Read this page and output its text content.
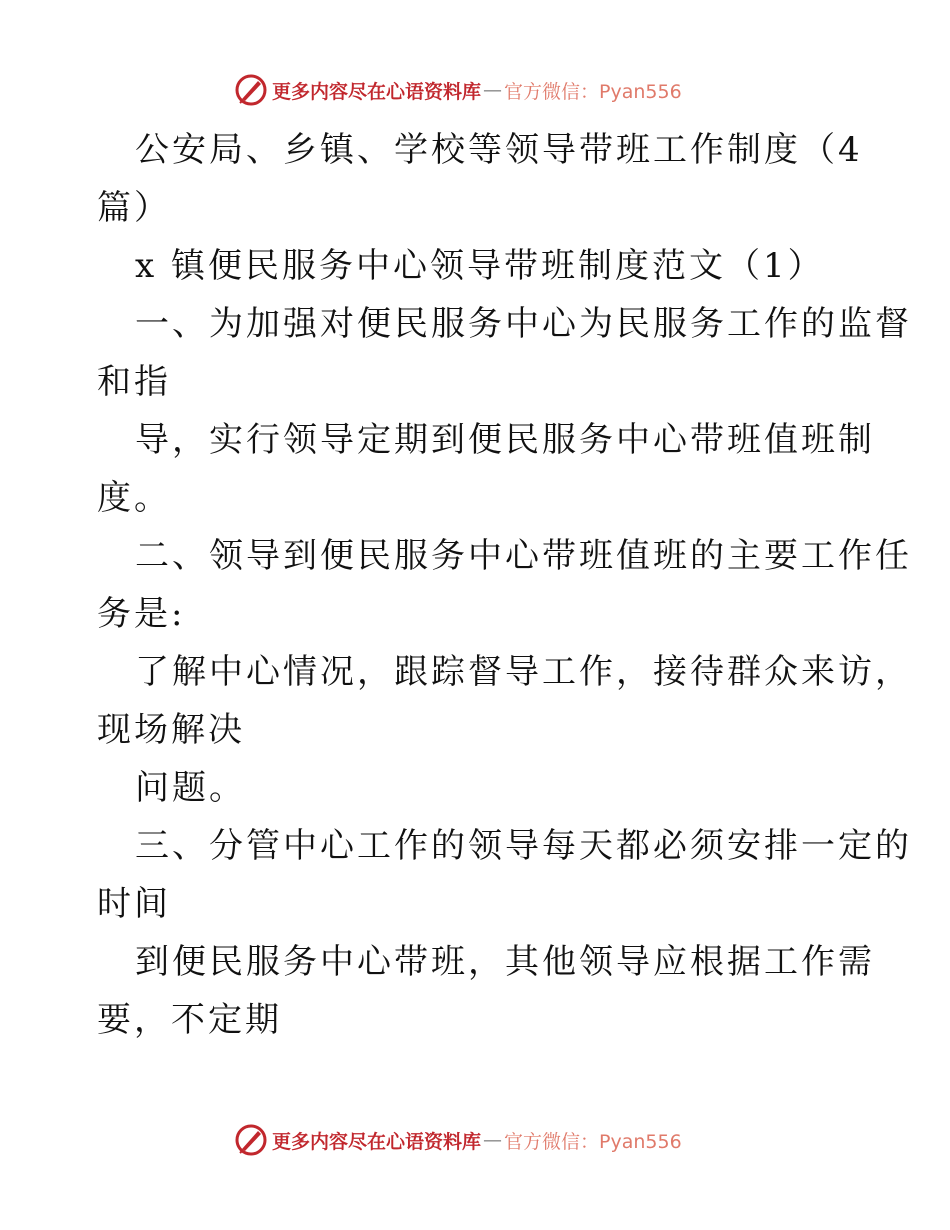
更多内容尽在心语资料库 — 官方微信：Pyan556
公安局、乡镇、学校等领导带班工作制度（4
篇）
x 镇便民服务中心领导带班制度范文（1）
一、为加强对便民服务中心为民服务工作的监督
和指
导，实行领导定期到便民服务中心带班值班制
度。
二、领导到便民服务中心带班值班的主要工作任
务是:
了解中心情况，跟踪督导工作，接待群众来访，
现场解决
问题。
三、分管中心工作的领导每天都必须安排一定的
时间
到便民服务中心带班，其他领导应根据工作需
要，不定期
更多内容尽在心语资料库 — 官方微信：Pyan556
